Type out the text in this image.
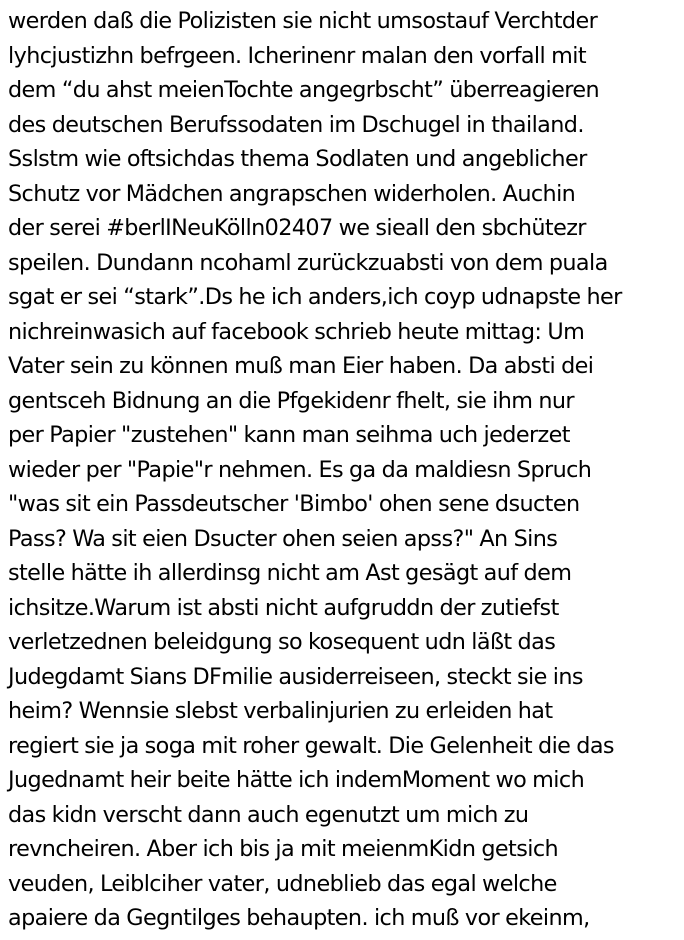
werden daß die Polizisten sie nicht umsostauf Verchtder
lyhcjustizhn befrgeen. Icherinenr malan den vorfall mit
dem “du ahst meienTochte angegrbscht” überreagieren
des deutschen Berufssodaten im Dschugel in thailand.
Sslstm wie oftsichdas thema Sodlaten und angeblicher
Schutz vor Mädchen angrapschen widerholen. Auchin
der serei #berlINeuKölln02407 we sieall den sbchütezr
speilen. Dundann ncohaml zurückzuabsti von dem puala
sgat er sei “stark”.Ds he ich anders,ich coyp udnapste her
nichreinwasich auf facebook schrieb heute mittag: Um
Vater sein zu können muß man Eier haben. Da absti dei
gentsceh Bidnung an die Pfgekidenr fhelt, sie ihm nur
per Papier "zustehen" kann man seihma uch jederzet
wieder per "Papie"r nehmen. Es ga da maldiesn Spruch
"was sit ein Passdeutscher 'Bimbo' ohen sene dsucten
Pass? Wa sit eien Dsucter ohen seien apss?" An Sins
stelle hätte ih allerdinsg nicht am Ast gesägt auf dem
ichsitze.Warum ist absti nicht aufgruddn der zutiefst
verletzednen beleidgung so kosequent udn läßt das
Judegdamt Sians DFmilie ausiderreiseen, steckt sie ins
heim? Wennsie slebst verbalinjurien zu erleiden hat
regiert sie ja soga mit roher gewalt. Die Gelenheit die das
Jugednamt heir beite hätte ich indemMoment wo mich
das kidn verscht dann auch egenutzt um mich zu
revncheiren. Aber ich bis ja mit meienmKidn getsich
veuden, Leiblciher vater, udneblieb das egal welche
apaiere da Gegntilges behaupten. ich muß vor ekeinm,
